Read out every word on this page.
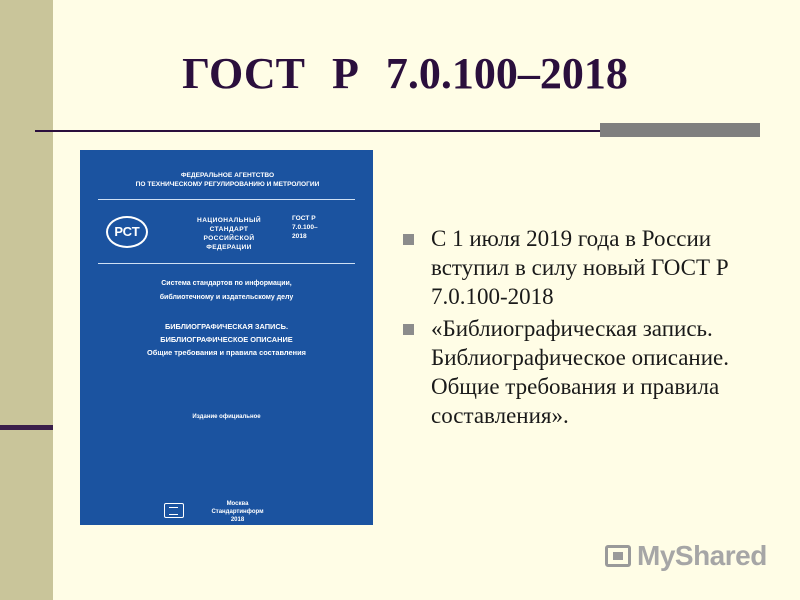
ГОСТ Р 7.0.100–2018
ФЕДЕРАЛЬНОЕ АГЕНТСТВО
ПО ТЕХНИЧЕСКОМУ РЕГУЛИРОВАНИЮ И МЕТРОЛОГИИ
РСТ
НАЦИОНАЛЬНЫЙ
СТАНДАРТ
РОССИЙСКОЙ
ФЕДЕРАЦИИ
ГОСТ Р
7.0.100–
2018
Система стандартов по информации,
библиотечному и издательскому делу
БИБЛИОГРАФИЧЕСКАЯ ЗАПИСЬ.
БИБЛИОГРАФИЧЕСКОЕ ОПИСАНИЕ
Общие требования и правила составления
Издание официальное
Москва
Стандартинформ
2018
С 1 июля 2019 года в России вступил в силу новый ГОСТ Р 7.0.100-2018
«Библиографическая запись. Библиографическое описание. Общие требования и правила составления».
MyShared
